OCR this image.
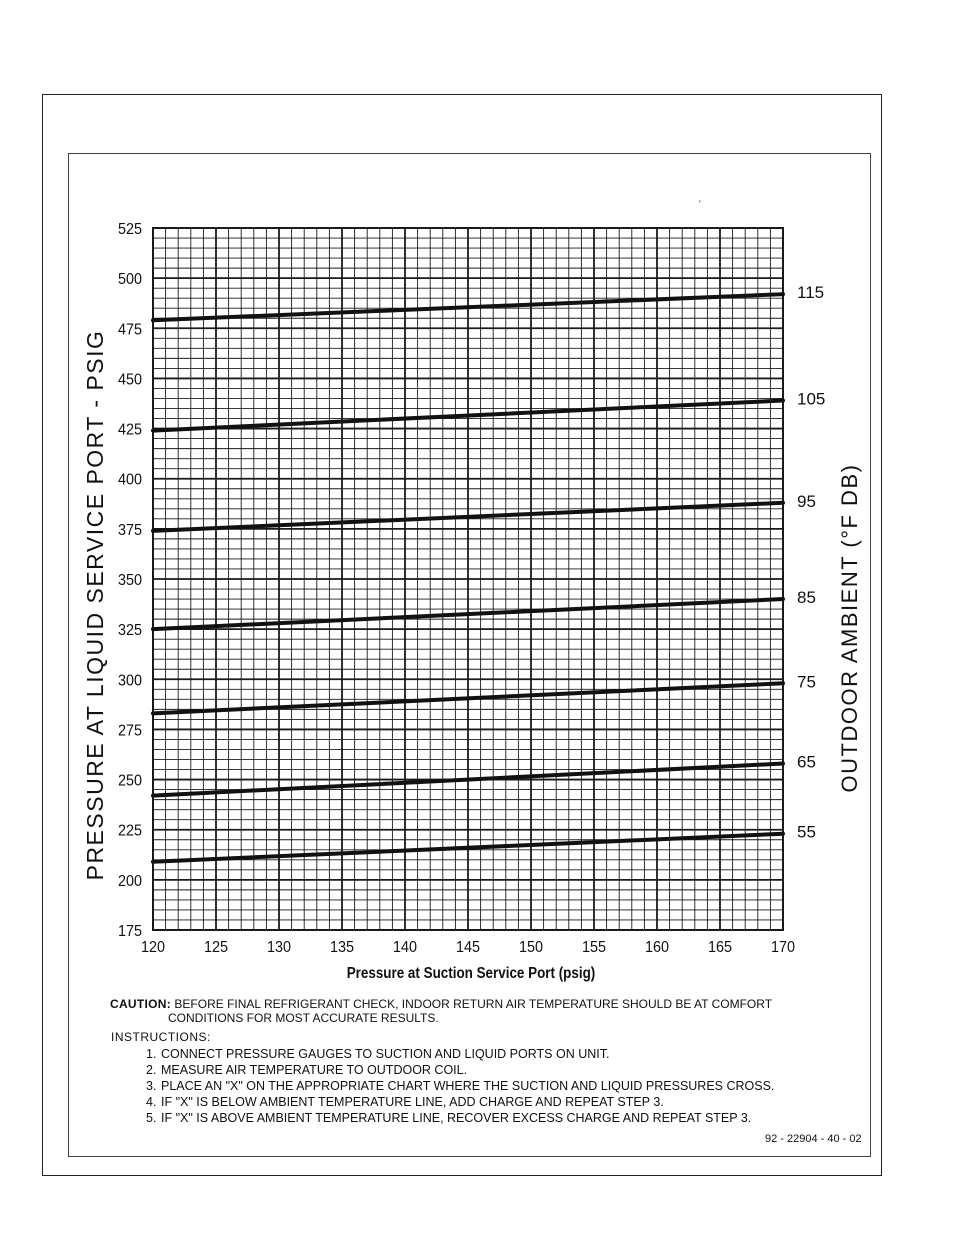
'
115
105
95
85
75
65
55
175
200
225
250
275
300
325
350
375
400
425
450
475
500
525
120 125 130 135 140 145 150 155 160 165 170
PRESSURE AT LIQUID SERVICE PORT - PSIG	OUTDOOR AMBIENT (°F DB)
Pressure at Suction Service Port (psig)
CAUTION: BEFORE FINAL REFRIGERANT CHECK, INDOOR RETURN AIR TEMPERATURE SHOULD BE AT COMFORT
CONDITIONS FOR MOST ACCURATE RESULTS.
INSTRUCTIONS:
1. CONNECT PRESSURE GAUGES TO SUCTION AND LIQUID PORTS ON UNIT.
2. MEASURE AIR TEMPERATURE TO OUTDOOR COIL.
3. PLACE AN "X" ON THE APPROPRIATE CHART WHERE THE SUCTION AND LIQUID PRESSURES CROSS.
4. IF "X" IS BELOW AMBIENT TEMPERATURE LINE, ADD CHARGE AND REPEAT STEP 3.
5. IF "X" IS ABOVE AMBIENT TEMPERATURE LINE, RECOVER EXCESS CHARGE AND REPEAT STEP 3.
92 - 22904 - 40 - 02
